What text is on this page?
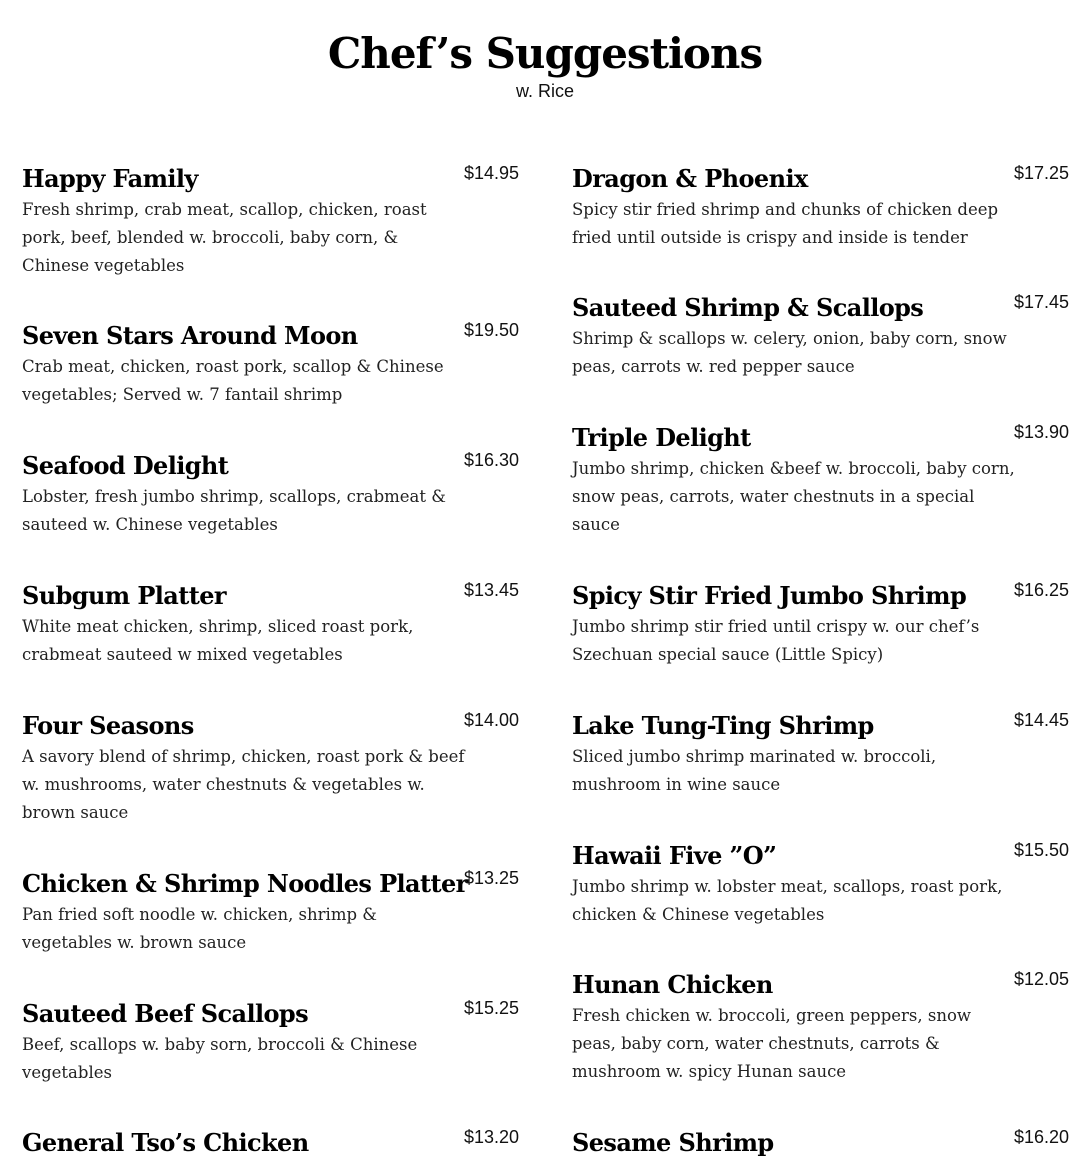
Chef’s Suggestions
w. Rice
Happy Family	$14.95
Fresh shrimp, crab meat, scallop, chicken, roast pork, beef, blended w. broccoli, baby corn, & Chinese vegetables
Seven Stars Around Moon	$19.50
Crab meat, chicken, roast pork, scallop & Chinese vegetables; Served w. 7 fantail shrimp
Seafood Delight	$16.30
Lobster, fresh jumbo shrimp, scallops, crabmeat & sauteed w. Chinese vegetables
Subgum Platter	$13.45
White meat chicken, shrimp, sliced roast pork, crabmeat sauteed w mixed vegetables
Four Seasons	$14.00
A savory blend of shrimp, chicken, roast pork & beef w. mushrooms, water chestnuts & vegetables w. brown sauce
Chicken & Shrimp Noodles Platter
$13.25
Pan fried soft noodle w. chicken, shrimp & vegetables w. brown sauce
Sauteed Beef Scallops	$15.25
Beef, scallops w. baby sorn, broccoli & Chinese vegetables
General Tso’s Chicken	$13.20
Dragon & Phoenix	$17.25
Spicy stir fried shrimp and chunks of chicken deep fried until outside is crispy and inside is tender
Sauteed Shrimp & Scallops	$17.45
Shrimp & scallops w. celery, onion, baby corn, snow peas, carrots w. red pepper sauce
Triple Delight	$13.90
Jumbo shrimp, chicken &beef w. broccoli, baby corn, snow peas, carrots, water chestnuts in a special sauce
Spicy Stir Fried Jumbo Shrimp	$16.25
Jumbo shrimp stir fried until crispy w. our chef’s Szechuan special sauce (Little Spicy)
Lake Tung-Ting Shrimp	$14.45
Sliced jumbo shrimp marinated w. broccoli, mushroom in wine sauce
Hawaii Five ”O”	$15.50
Jumbo shrimp w. lobster meat, scallops, roast pork, chicken & Chinese vegetables
Hunan Chicken	$12.05
Fresh chicken w. broccoli, green peppers, snow peas, baby corn, water chestnuts, carrots & mushroom w. spicy Hunan sauce
Sesame Shrimp	$16.20
